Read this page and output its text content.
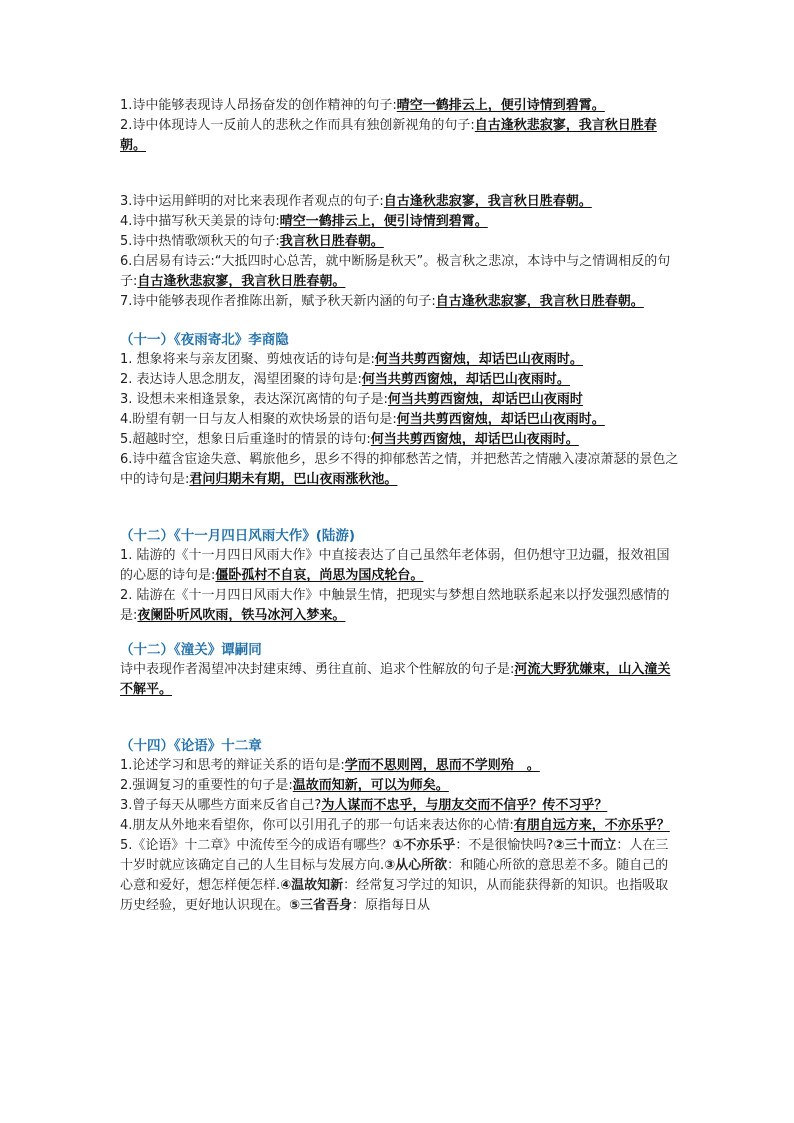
1.诗中能够表现诗人昂扬奋发的创作精神的句子:晴空一鹤排云上，便引诗情到碧霄。

2.诗中体现诗人一反前人的悲秋之作而具有独创新视角的句子:自古逢秋悲寂寥，我言秋日胜春朝。

3.诗中运用鲜明的对比来表现作者观点的句子:自古逢秋悲寂寥，我言秋日胜春朝。

4.诗中描写秋天美景的诗句:晴空一鹤排云上，便引诗情到碧霄。

5.诗中热情歌颂秋天的句子:我言秋日胜春朝。

6.白居易有诗云:“大抵四时心总苦，就中断肠是秋天”。极言秋之悲凉，本诗中与之情调相反的句子:自古逢秋悲寂寥，我言秋日胜春朝。

7.诗中能够表现作者推陈出新，赋予秋天新内涵的句子:自古逢秋悲寂寥，我言秋日胜春朝。

（十一）《夜雨寄北》李商隐

1. 想象将来与亲友团聚、剪烛夜话的诗句是:何当共剪西窗烛，却话巴山夜雨时。

2. 表达诗人思念朋友，渴望团聚的诗句是:何当共剪西窗烛，却话巴山夜雨时。

3. 设想未来相逢景象，表达深沉离情的句子是:何当共剪西窗烛，却话巴山夜雨时

4.盼望有朝一日与友人相聚的欢快场景的语句是:何当共剪西窗烛，却话巴山夜雨时。

5.超越时空，想象日后重逢时的情景的诗句:何当共剪西窗烛，却话巴山夜雨时。

6.诗中蕴含宦途失意、羁旅他乡，思乡不得的抑郁愁苦之情，并把愁苦之情融入凄凉萧瑟的景色之中的诗句是:君问归期未有期，巴山夜雨涨秋池。

（十二）《十一月四日风雨大作》(陆游)

1. 陆游的《十一月四日风雨大作》中直接表达了自己虽然年老体弱，但仍想守卫边疆，报效祖国的心愿的诗句是:僵卧孤村不自哀，尚思为国戍轮台。

2. 陆游在《十一月四日风雨大作》中触景生情，把现实与梦想自然地联系起来以抒发强烈感情的是:夜阑卧听风吹雨，铁马冰河入梦来。

（十二）《潼关》谭嗣同

诗中表现作者渴望冲决封建束缚、勇往直前、追求个性解放的句子是:河流大野犹嫌束，山入潼关不解平。

（十四）《论语》十二章

1.论述学习和思考的辩证关系的语句是:学而不思则罔，思而不学则殆　。

2.强调复习的重要性的句子是:温故而知新，可以为师矣。

3.曾子每天从哪些方面来反省自己?为人谋而不忠乎，与朋友交而不信乎？传不习乎？

4.朋友从外地来看望你，你可以引用孔子的那一句话来表达你的心情:有朋自远方来，不亦乐乎？

5.《论语》十二章》中流传至今的成语有哪些？①不亦乐乎：不是很愉快吗?②三十而立：人在三十岁时就应该确定自己的人生目标与发展方向.③从心所欲：和随心所欲的意思差不多。随自己的心意和爱好，想怎样便怎样.④温故知新：经常复习学过的知识，从而能获得新的知识。也指吸取历史经验，更好地认识现在。⑤三省吾身：原指每日从
